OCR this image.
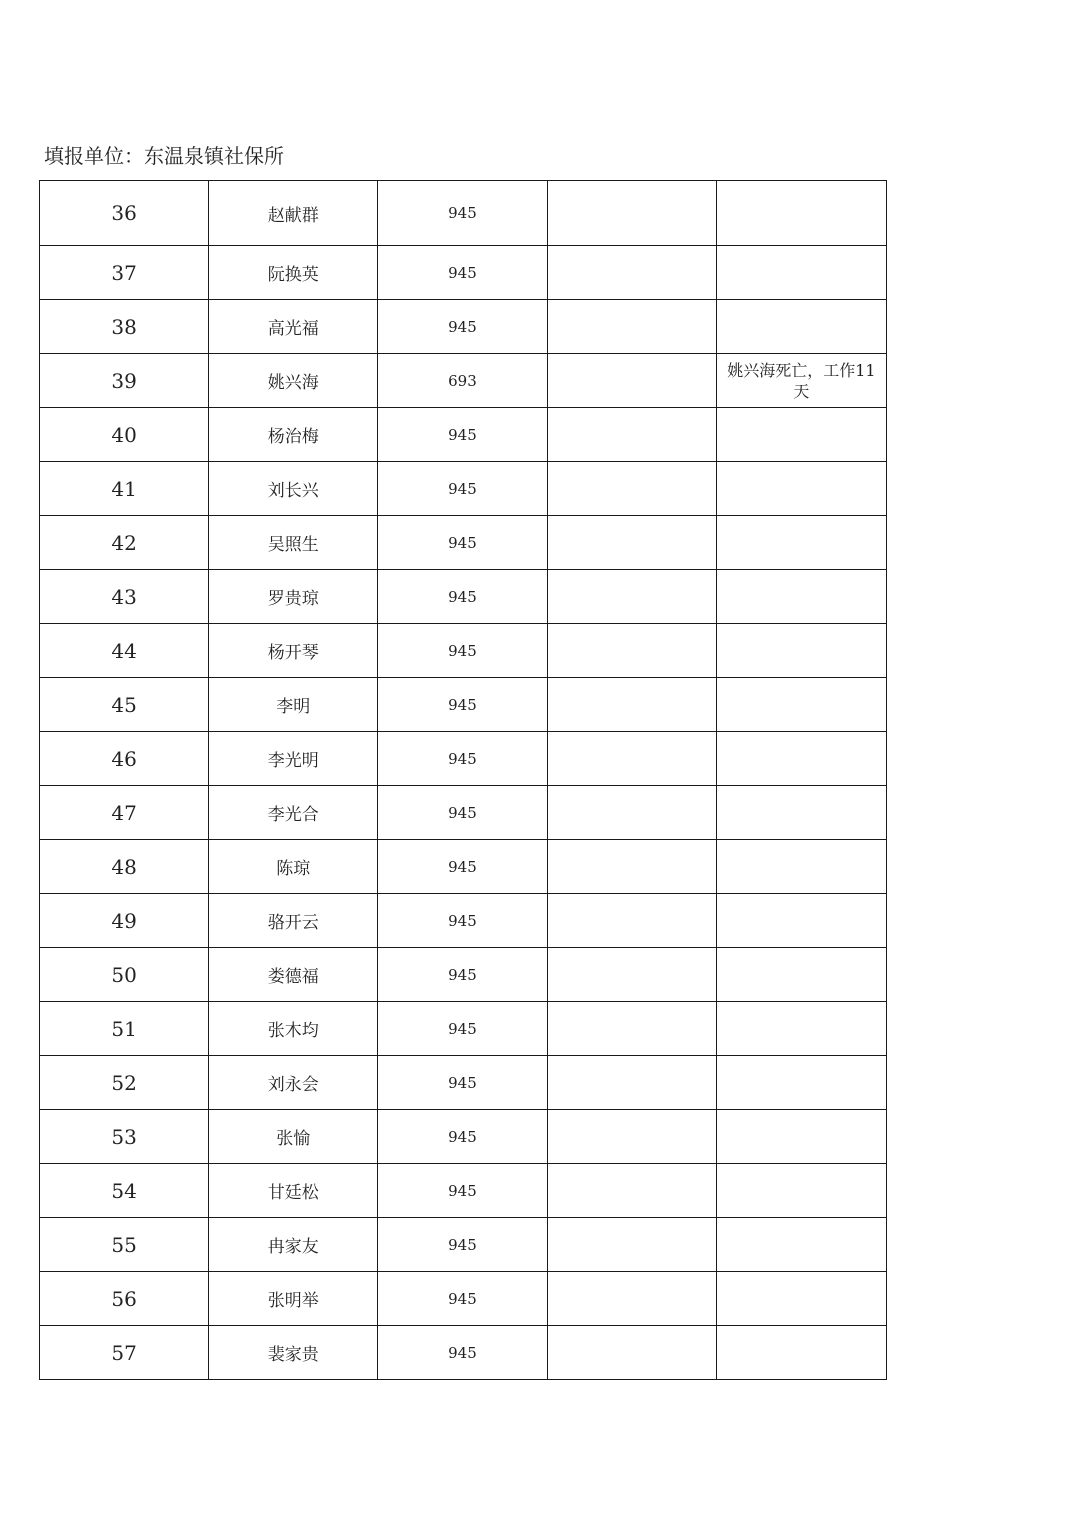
填报单位：东温泉镇社保所
36	赵献群	945		
37	阮换英	945		
38	高光福	945		
39	姚兴海	693		姚兴海死亡，工作11天
40	杨治梅	945		
41	刘长兴	945		
42	吴照生	945		
43	罗贵琼	945		
44	杨开琴	945		
45	李明	945		
46	李光明	945		
47	李光合	945		
48	陈琼	945		
49	骆开云	945		
50	娄德福	945		
51	张木均	945		
52	刘永会	945		
53	张愉	945		
54	甘廷松	945		
55	冉家友	945		
56	张明举	945		
57	裴家贵	945		
